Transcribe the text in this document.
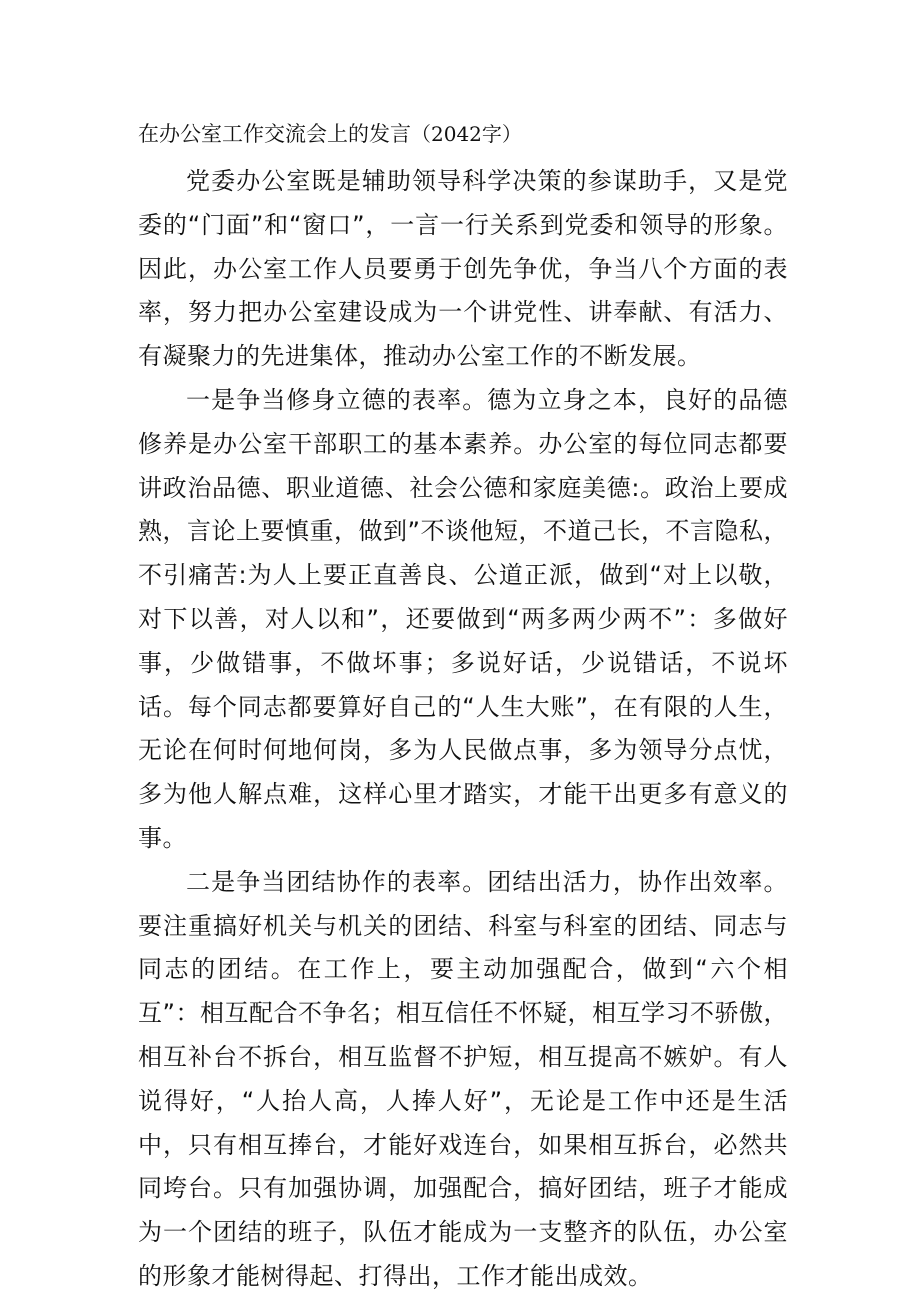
在办公室工作交流会上的发言（2042字）

党委办公室既是辅助领导科学决策的参谋助手，又是党委的“门面”和“窗口”，一言一行关系到党委和领导的形象。因此，办公室工作人员要勇于创先争优，争当八个方面的表率，努力把办公室建设成为一个讲党性、讲奉献、有活力、有凝聚力的先进集体，推动办公室工作的不断发展。

一是争当修身立德的表率。德为立身之本，良好的品德修养是办公室干部职工的基本素养。办公室的每位同志都要讲政治品德、职业道德、社会公德和家庭美德:。政治上要成熟，言论上要慎重，做到”不谈他短，不道己长，不言隐私，不引痛苦:为人上要正直善良、公道正派，做到“对上以敬，对下以善，对人以和”，还要做到“两多两少两不”：多做好事，少做错事，不做坏事；多说好话，少说错话，不说坏话。每个同志都要算好自己的“人生大账”，在有限的人生，无论在何时何地何岗，多为人民做点事，多为领导分点忧，多为他人解点难，这样心里才踏实，才能干出更多有意义的事。

二是争当团结协作的表率。团结出活力，协作出效率。要注重搞好机关与机关的团结、科室与科室的团结、同志与同志的团结。在工作上，要主动加强配合，做到“六个相互”：相互配合不争名；相互信任不怀疑，相互学习不骄傲，相互补台不拆台，相互监督不护短，相互提高不嫉妒。有人说得好，“人抬人高，人捧人好”，无论是工作中还是生活中，只有相互捧台，才能好戏连台，如果相互拆台，必然共同垮台。只有加强协调，加强配合，搞好团结，班子才能成为一个团结的班子，队伍才能成为一支整齐的队伍，办公室的形象才能树得起、打得出，工作才能出成效。
